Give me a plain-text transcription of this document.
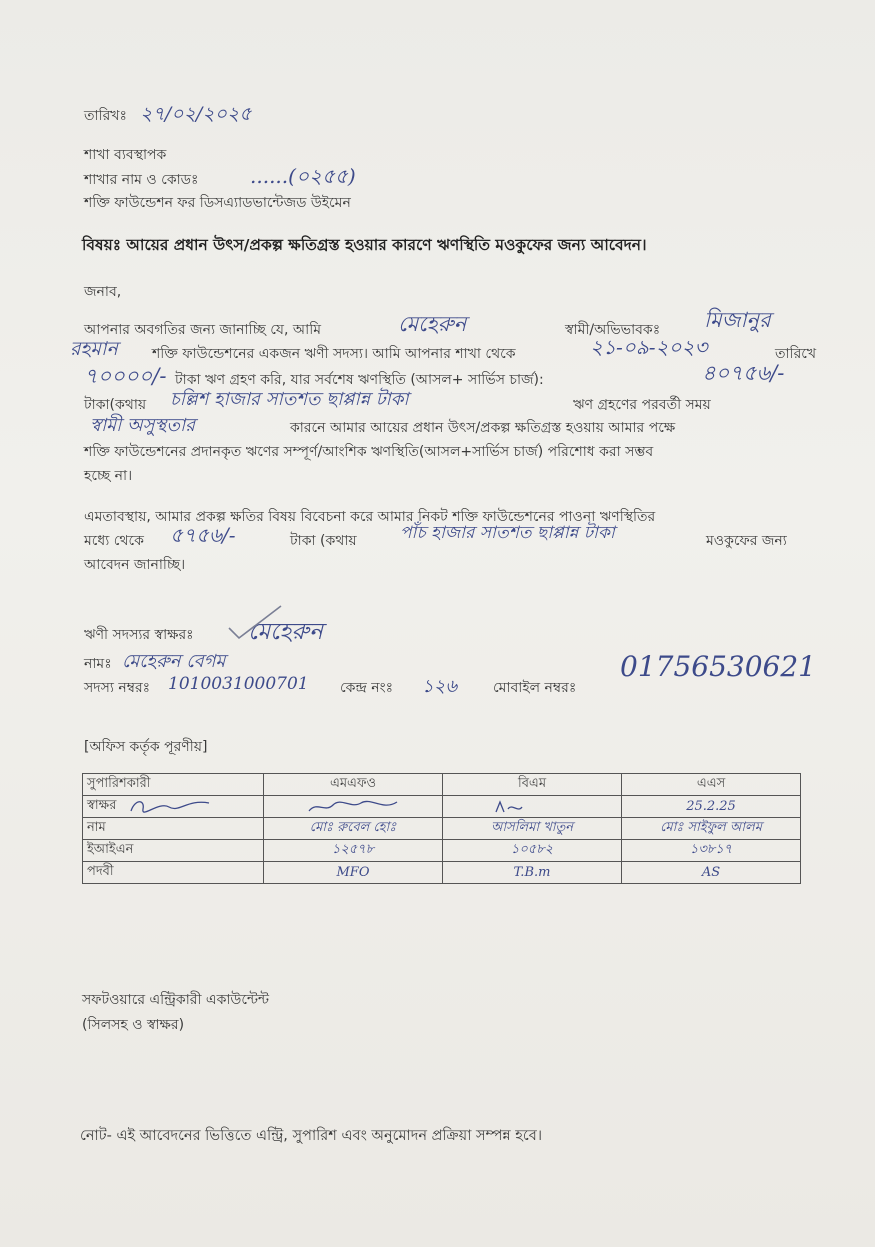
তারিখঃ ২৭/০২/২০২৫
শাখা ব্যবস্থাপক
শাখার নাম ও কোডঃ	......(০২৫৫)
শক্তি ফাউন্ডেশন ফর ডিসএ্যাডভান্টেজড উইমেন
বিষয়ঃ আয়ের প্রধান উৎস/প্রকল্প ক্ষতিগ্রস্ত হওয়ার কারণে ঋণস্থিতি মওকুফের জন্য আবেদন।
জনাব,
আপনার অবগতির জন্য জানাচ্ছি যে, আমি	মেহেরুন	স্বামী/অভিভাবকঃ মিজানুর
রহমান শক্তি ফাউন্ডেশনের একজন ঋণী সদস্য। আমি আপনার শাখা থেকে	২১-০৯-২০২৩	তারিখে
৭০০০০/- টাকা ঋণ গ্রহণ করি, যার সর্বশেষ ঋণস্থিতি (আসল+ সার্ভিস চার্জ):	৪০৭৫৬/-
টাকা(কথায় চল্লিশ হাজার সাতশত ছাপ্পান্ন টাকা	ঋণ গ্রহণের পরবর্তী সময়
স্বামী অসুস্থতার	কারনে আমার আয়ের প্রধান উৎস/প্রকল্প ক্ষতিগ্রস্ত হওয়ায় আমার পক্ষে
শক্তি ফাউন্ডেশনের প্রদানকৃত ঋণের সম্পূর্ণ/আংশিক ঋণস্থিতি(আসল+সার্ভিস চার্জ) পরিশোধ করা সম্ভব
হচ্ছে না।
এমতাবস্থায়, আমার প্রকল্প ক্ষতির বিষয় বিবেচনা করে আমার নিকট শক্তি ফাউন্ডেশনের পাওনা ঋণস্থিতির
মধ্যে থেকে ৫৭৫৬/-	টাকা (কথায়	পাঁচ হাজার সাতশত ছাপ্পান্ন টাকা	মওকুফের জন্য
আবেদন জানাচ্ছি।
ঋণী সদস্যর স্বাক্ষরঃ মেহেরুন
নামঃ মেহেরুন বেগম
সদস্য নম্বরঃ 1010031000701 কেন্দ্র নংঃ ১২৬	মোবাইল নম্বরঃ
01756530621
[অফিস কর্তৃক পূরণীয়]
সুপারিশকারী	এমএফও	বিএম	এএস
স্বাক্ষর			25.2.25

নাম	মোঃ রুবেল হোঃ	আসলিমা খাতুন	মোঃ সাইফুল আলম

ইআইএন	১২৫৭৮	১০৫৮২	১৩৮১৭

পদবী	MFO	T.B.m	AS
সফটওয়ারে এন্ট্রিকারী একাউন্টেন্ট
(সিলসহ ও স্বাক্ষর)
নোট- এই আবেদনের ভিত্তিতে এন্ট্রি, সুপারিশ এবং অনুমোদন প্রক্রিয়া সম্পন্ন হবে।
